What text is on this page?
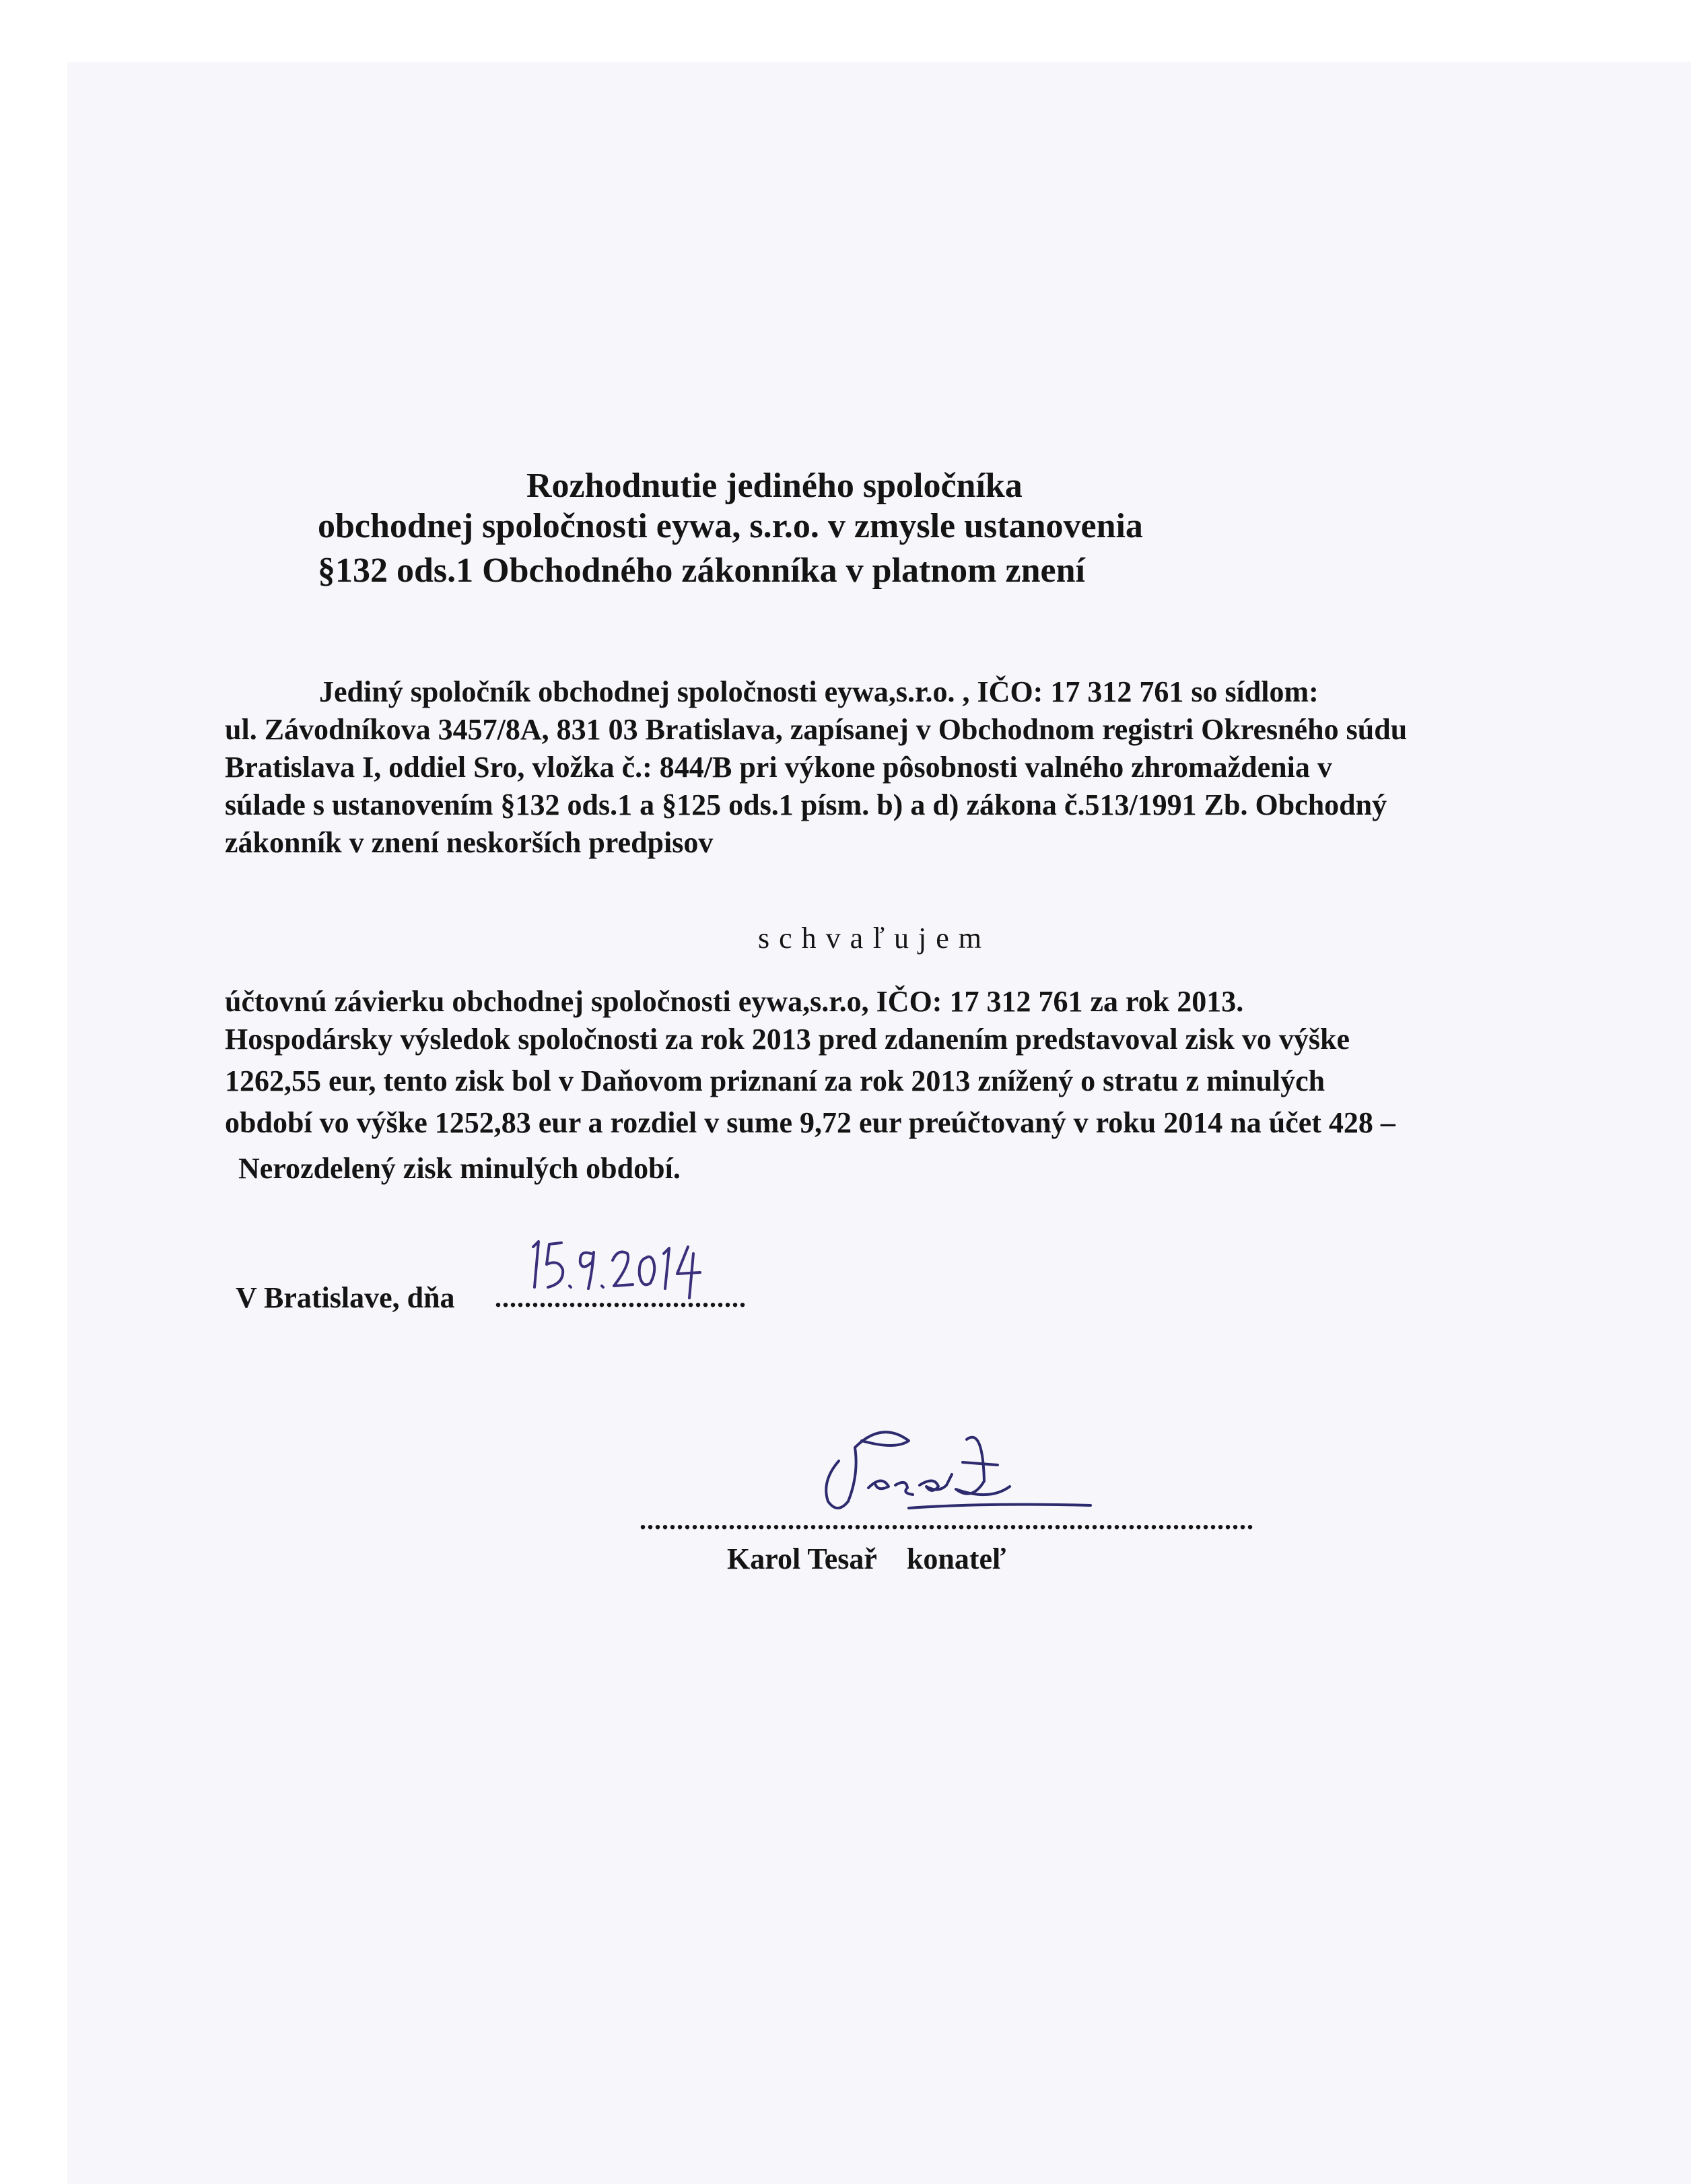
Rozhodnutie jediného spoločníka
obchodnej spoločnosti eywa, s.r.o. v zmysle ustanovenia
§132 ods.1 Obchodného zákonníka v platnom znení
Jediný spoločník obchodnej spoločnosti eywa,s.r.o. , IČO: 17 312 761 so sídlom:
ul. Závodníkova 3457/8A, 831 03 Bratislava, zapísanej v Obchodnom registri Okresného súdu
Bratislava I, oddiel Sro, vložka č.: 844/B pri výkone pôsobnosti valného zhromaždenia v
súlade s ustanovením §132 ods.1 a §125 ods.1 písm. b) a d) zákona č.513/1991 Zb. Obchodný
zákonník v znení neskorších predpisov
schvaľujem
účtovnú závierku obchodnej spoločnosti eywa,s.r.o, IČO: 17 312 761 za rok 2013.
Hospodársky výsledok spoločnosti za rok 2013 pred zdanením predstavoval zisk vo výške
1262,55 eur, tento zisk bol v Daňovom priznaní za rok 2013 znížený o stratu z minulých
období vo výške 1252,83 eur a rozdiel v sume 9,72 eur preúčtovaný v roku 2014 na účet 428 –
Nerozdelený zisk minulých období.
V Bratislave, dňa ..................................
...................................................................................
Karol Tesař konateľ
